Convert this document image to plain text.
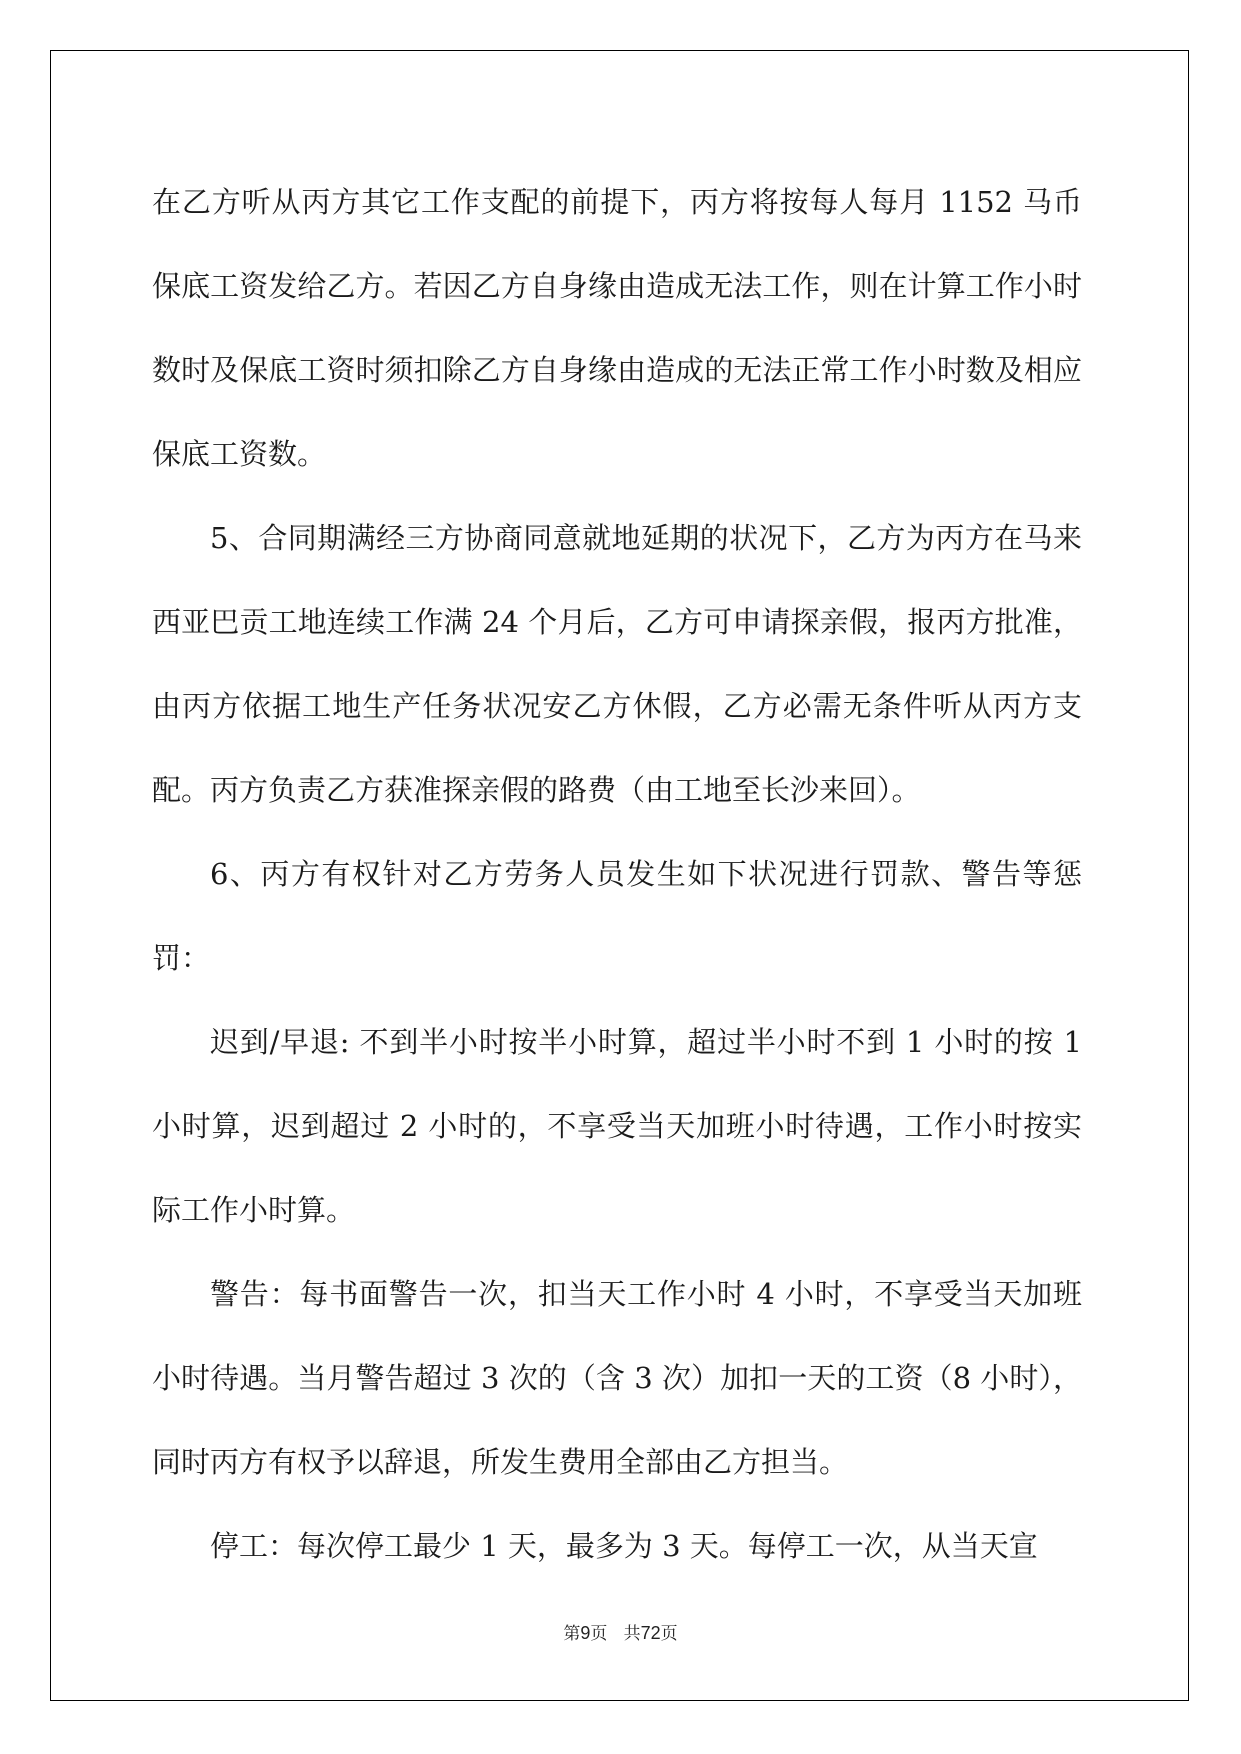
在乙方听从丙方其它工作支配的前提下，丙方将按每人每月 1152 马币保底工资发给乙方。若因乙方自身缘由造成无法工作，则在计算工作小时数时及保底工资时须扣除乙方自身缘由造成的无法正常工作小时数及相应保底工资数。

5、合同期满经三方协商同意就地延期的状况下，乙方为丙方在马来西亚巴贡工地连续工作满 24 个月后，乙方可申请探亲假，报丙方批准，由丙方依据工地生产任务状况安乙方休假，乙方必需无条件听从丙方支配。丙方负责乙方获准探亲假的路费（由工地至长沙来回）。

6、丙方有权针对乙方劳务人员发生如下状况进行罚款、警告等惩罚：

迟到/早退: 不到半小时按半小时算，超过半小时不到 1 小时的按 1 小时算，迟到超过 2 小时的，不享受当天加班小时待遇，工作小时按实际工作小时算。

警告：每书面警告一次，扣当天工作小时 4 小时，不享受当天加班小时待遇。当月警告超过 3 次的（含 3 次）加扣一天的工资（8 小时），同时丙方有权予以辞退，所发生费用全部由乙方担当。

停工：每次停工最少 1 天，最多为 3 天。每停工一次，从当天宣

第9页   共72页
